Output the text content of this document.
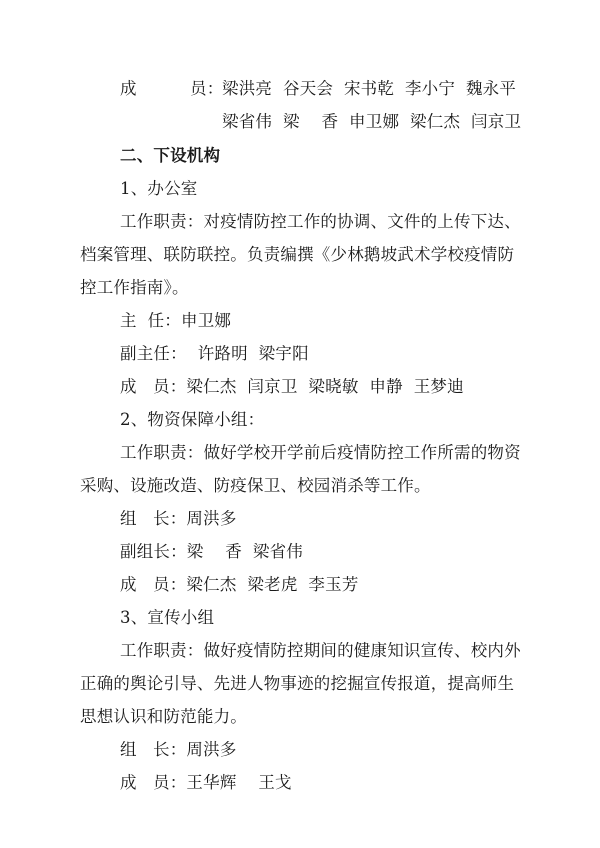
成	员：
梁洪亮  谷天会  宋书乾  李小宁  魏永平
梁省伟  梁    香  申卫娜  梁仁杰  闫京卫
二、下设机构
1、办公室
工作职责：对疫情防控工作的协调、文件的上传下达、
档案管理、联防联控。负责编撰《少林鹅坡武术学校疫情防
控工作指南》。
主  任：申卫娜
副主任：  许路明  梁宇阳
成   员：梁仁杰  闫京卫  梁晓敏  申静  王梦迪
2、物资保障小组：
工作职责：做好学校开学前后疫情防控工作所需的物资
采购、设施改造、防疫保卫、校园消杀等工作。
组   长：周洪多
副组长：梁    香  梁省伟
成   员：梁仁杰  梁老虎  李玉芳
3、宣传小组
工作职责：做好疫情防控期间的健康知识宣传、校内外
正确的舆论引导、先进人物事迹的挖掘宣传报道，提高师生
思想认识和防范能力。
组   长：周洪多
成   员：王华辉    王戈
